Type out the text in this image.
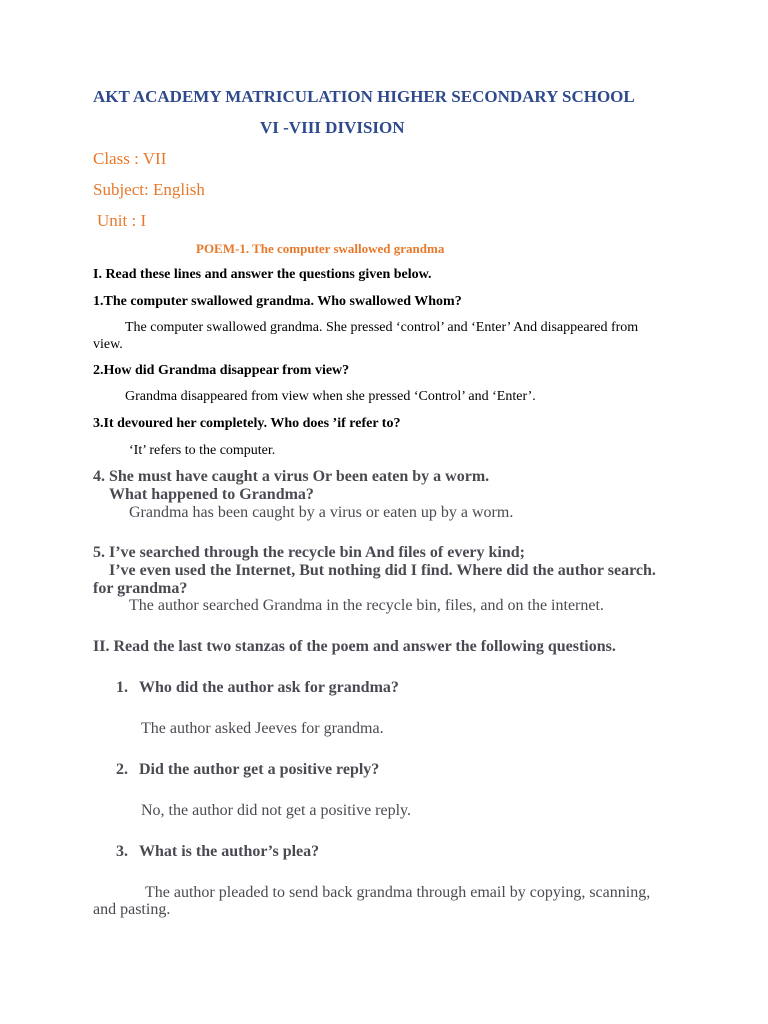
AKT ACADEMY MATRICULATION HIGHER SECONDARY SCHOOL
VI -VIII DIVISION
Class : VII
Subject: English
Unit : I
POEM-1. The computer swallowed grandma
I. Read these lines and answer the questions given below.
1.The computer swallowed grandma. Who swallowed Whom?
The computer swallowed grandma. She pressed ‘control’ and ‘Enter’ And disappeared from
view.
2.How did Grandma disappear from view?
Grandma disappeared from view when she pressed ‘Control’ and ‘Enter’.
3.It devoured her completely. Who does ’if refer to?
‘It’ refers to the computer.
4. She must have caught a virus Or been eaten by a worm.
What happened to Grandma?
Grandma has been caught by a virus or eaten up by a worm.
5. I’ve searched through the recycle bin And files of every kind;
I’ve even used the Internet, But nothing did I find. Where did the author search.
for grandma?
The author searched Grandma in the recycle bin, files, and on the internet.
II. Read the last two stanzas of the poem and answer the following questions.
1. Who did the author ask for grandma?
The author asked Jeeves for grandma.
2. Did the author get a positive reply?
No, the author did not get a positive reply.
3. What is the author’s plea?
The author pleaded to send back grandma through email by copying, scanning,
and pasting.
